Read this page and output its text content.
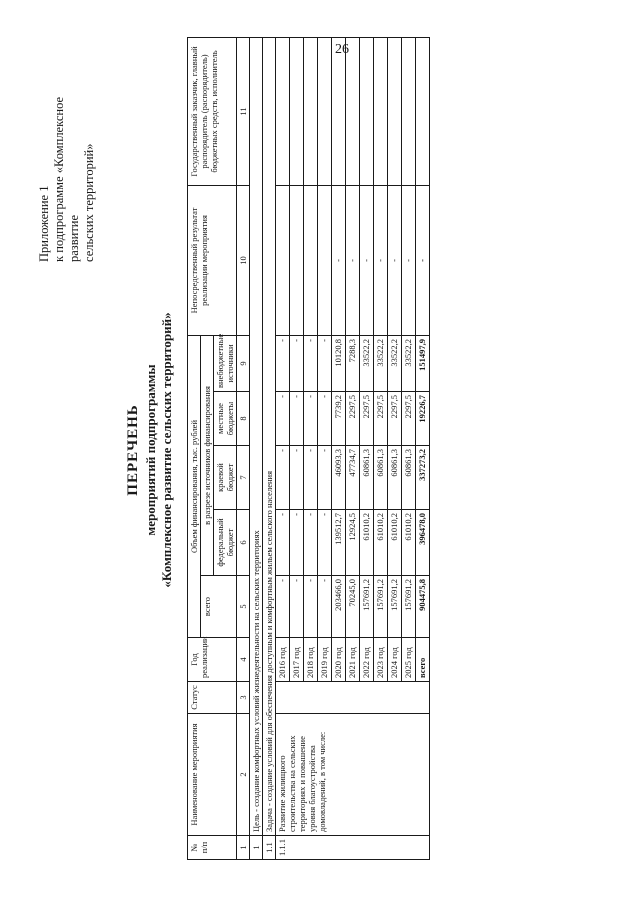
26
Приложение 1 к подпрограмме «Комплексное развитие сельских территорий»
ПЕРЕЧЕНЬ мероприятий подпрограммы «Комплексное развитие сельских территорий»
№ п/п	Наименование мероприятия	Статус	Год реализации	Объем финансирования, тыс. рублей					Непосредственный результат реализации мероприятия	Государственный заказчик, главный распорядитель (распорядитель) бюджетных средств, исполнитель
				всего	в разрезе источников финансирования					
					федеральный бюджет	краевой бюджет	местные бюджеты	внебюджетные источники		
1	2	3	4	5	6	7	8	9	10	11
1	Цель - создание комфортных условий жизнедеятельности на сельских территориях									
1.1	Задача - создание условий для обеспечения доступным и комфортным жильем сельского населения									
1.1.1	Развитие жилищного строительства на сельских территориях и повышение уровня благоустройства домовладений, в том числе:		2016 год	-	-	-	-	-		
			2017 год	-	-	-	-	-		
			2018 год	-	-	-	-	-		
			2019 год	-	-	-	-	-		
			2020 год	203466,0	139512,7	46093,3	7739,2	10120,8	-	
			2021 год	70245,0	12924,5	47734,7	2297,5	7288,3	-	
			2022 год	157691,2	61010,2	60861,3	2297,5	33522,2	-	
			2023 год	157691,2	61010,2	60861,3	2297,5	33522,2	-	
			2024 год	157691,2	61010,2	60861,3	2297,5	33522,2	-	
			2025 год	157691,2	61010,2	60861,3	2297,5	33522,2	-	
			всего	904475,8	396478,0	337273,2	19226,7	151497,9	-	
